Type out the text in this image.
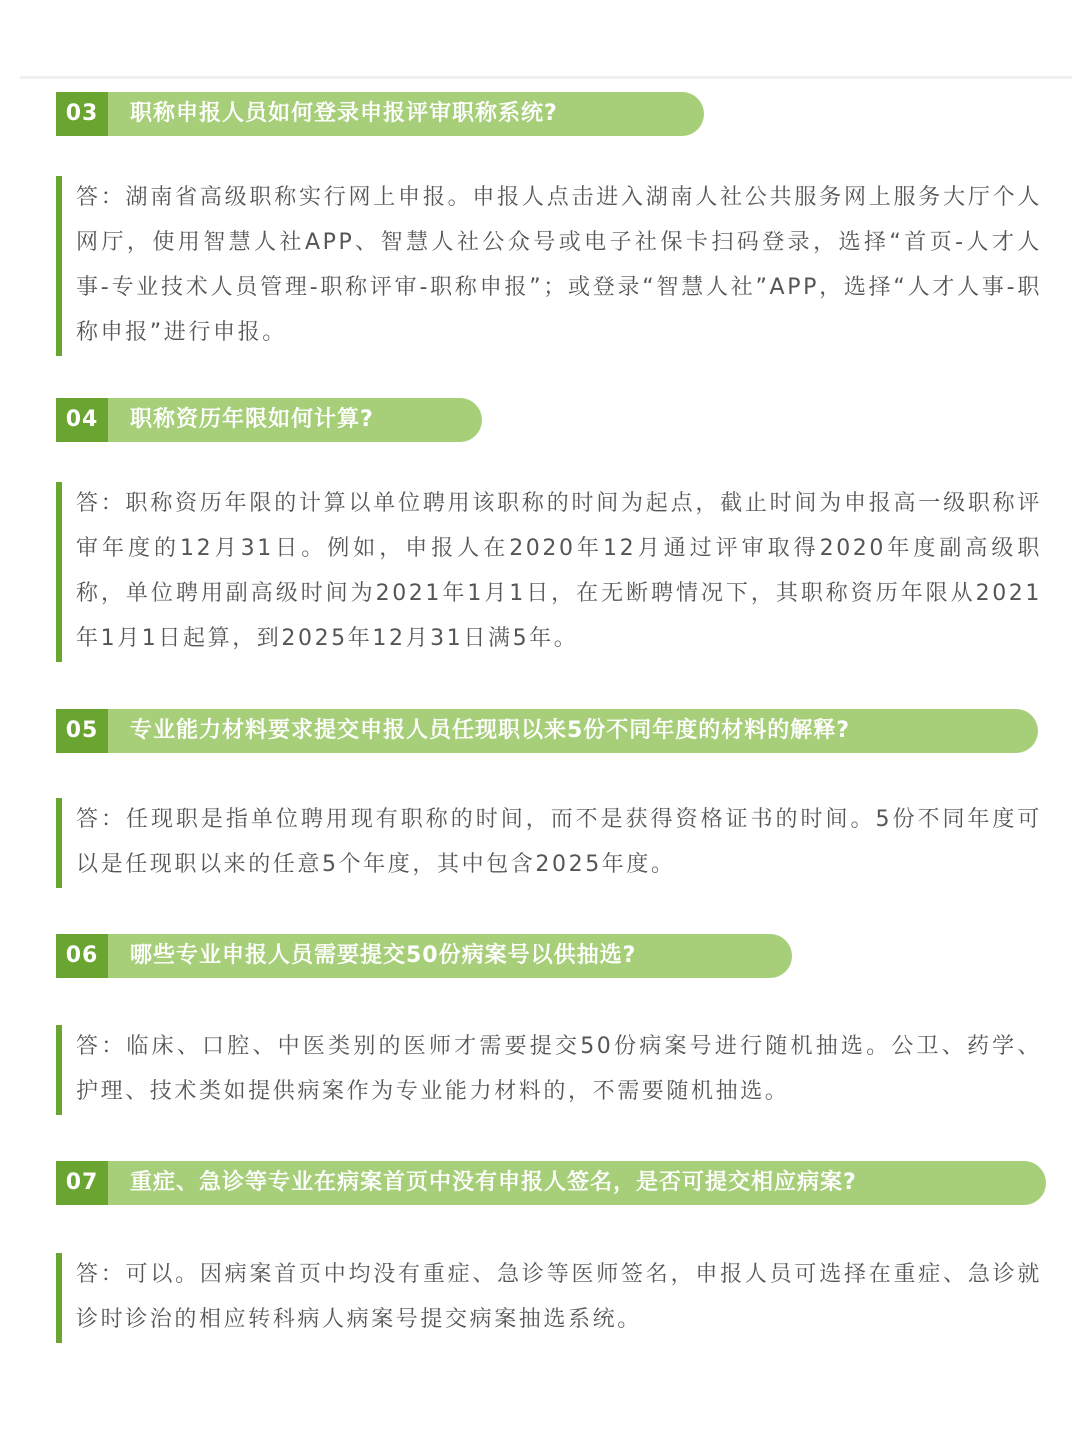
03	职称申报人员如何登录申报评审职称系统?
答：湖南省高级职称实行网上申报。申报人点击进入湖南人社公共服务网上服务大厅个人网厅，使用智慧人社APP、智慧人社公众号或电子社保卡扫码登录，选择“首页-人才人事-专业技术人员管理-职称评审-职称申报”；或登录“智慧人社”APP，选择“人才人事-职称申报”进行申报。
04	职称资历年限如何计算?
答：职称资历年限的计算以单位聘用该职称的时间为起点，截止时间为申报高一级职称评审年度的12月31日。例如，申报人在2020年12月通过评审取得2020年度副高级职称，单位聘用副高级时间为2021年1月1日，在无断聘情况下，其职称资历年限从2021年1月1日起算，到2025年12月31日满5年。
05	专业能力材料要求提交申报人员任现职以来5份不同年度的材料的解释?
答：任现职是指单位聘用现有职称的时间，而不是获得资格证书的时间。5份不同年度可以是任现职以来的任意5个年度，其中包含2025年度。
06	哪些专业申报人员需要提交50份病案号以供抽选?
答：临床、口腔、中医类别的医师才需要提交50份病案号进行随机抽选。公卫、药学、护理、技术类如提供病案作为专业能力材料的，不需要随机抽选。
07	重症、急诊等专业在病案首页中没有申报人签名，是否可提交相应病案?
答：可以。因病案首页中均没有重症、急诊等医师签名，申报人员可选择在重症、急诊就诊时诊治的相应转科病人病案号提交病案抽选系统。
